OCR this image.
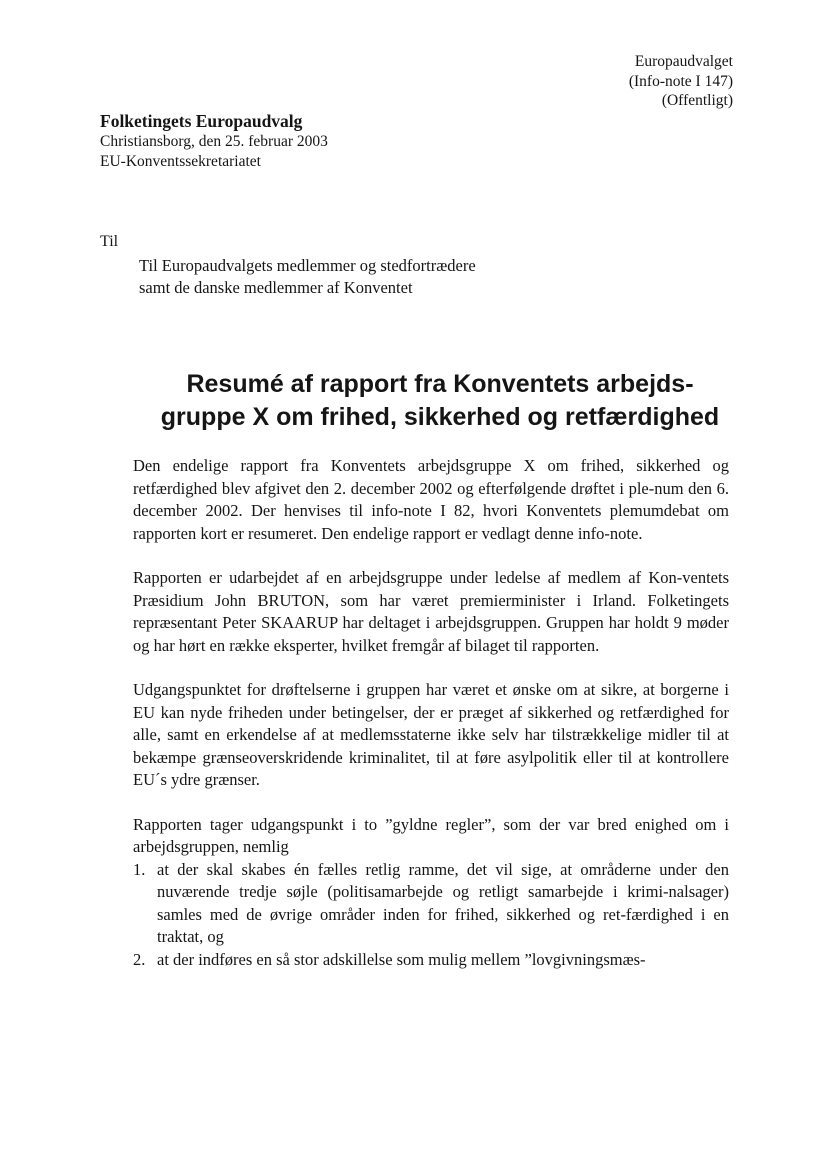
Europaudvalget
(Info-note I 147)
(Offentligt)
Folketingets Europaudvalg
Christiansborg, den 25. februar 2003
EU-Konventssekretariatet
Til
Til Europaudvalgets medlemmer og stedfortrædere
samt de danske medlemmer af Konventet
Resumé af rapport fra Konventets arbejds-
gruppe X om frihed, sikkerhed og retfærdighed

Den endelige rapport fra Konventets arbejdsgruppe X om frihed, sikkerhed og retfærdighed blev afgivet den 2. december 2002 og efterfølgende drøftet i ple-num den 6. december 2002. Der henvises til info-note I 82, hvori Konventets plemumdebat om rapporten kort er resumeret. Den endelige rapport er vedlagt denne info-note.

Rapporten er udarbejdet af en arbejdsgruppe under ledelse af medlem af Kon-ventets Præsidium John BRUTON, som har været premierminister i Irland. Folketingets repræsentant Peter SKAARUP har deltaget i arbejdsgruppen. Gruppen har holdt 9 møder og har hørt en række eksperter, hvilket fremgår af bilaget til rapporten.

Udgangspunktet for drøftelserne i gruppen har været et ønske om at sikre, at borgerne i EU kan nyde friheden under betingelser, der er præget af sikkerhed og retfærdighed for alle, samt en erkendelse af at medlemsstaterne ikke selv har tilstrækkelige midler til at bekæmpe grænseoverskridende kriminalitet, til at føre asylpolitik eller til at kontrollere EU´s ydre grænser.

Rapporten tager udgangspunkt i to ”gyldne regler”, som der var bred enighed om i arbejdsgruppen, nemlig

1. at der skal skabes én fælles retlig ramme, det vil sige, at områderne under den nuværende tredje søjle (politisamarbejde og retligt samarbejde i krimi-nalsager) samles med de øvrige områder inden for frihed, sikkerhed og ret-færdighed i en traktat, og
2. at der indføres en så stor adskillelse som mulig mellem ”lovgivningsmæs-
